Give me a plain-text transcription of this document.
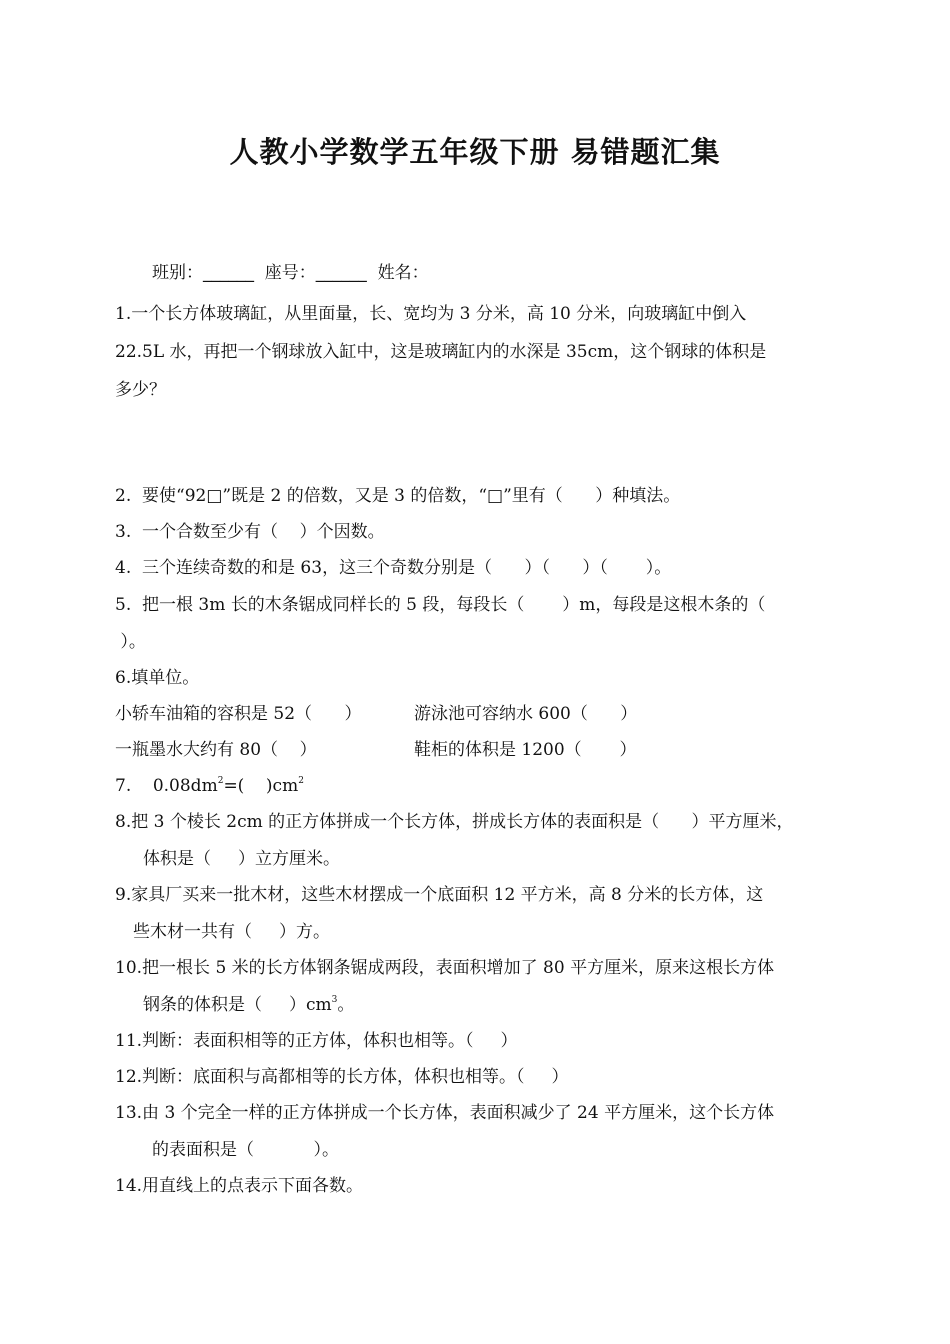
人教小学数学五年级下册 易错题汇集
班别：______  座号：______  姓名：
1.一个长方体玻璃缸，从里面量，长、宽均为 3 分米，高 10 分米，向玻璃缸中倒入
22.5L 水，再把一个钢球放入缸中，这是玻璃缸内的水深是 35cm，这个钢球的体积是
多少？
2.  要使“92□”既是 2 的倍数，又是 3 的倍数，“□”里有（      ）种填法。
3.  一个合数至少有（    ）个因数。
4.  三个连续奇数的和是 63，这三个奇数分别是（      ）（      ）（       ）。
5.  把一根 3m 长的木条锯成同样长的 5 段，每段长（       ）m，每段是这根木条的（
）。
6.填单位。
小轿车油箱的容积是 52（      ）	游泳池可容纳水 600（      ）
一瓶墨水大约有 80（    ）	鞋柜的体积是 1200（       ）
7.    $0.08dm^2=$(    )$cm^2$
8.把 3 个棱长 2cm 的正方体拼成一个长方体，拼成长方体的表面积是（      ）平方厘米，
体积是（     ）立方厘米。
9.家具厂买来一批木材，这些木材摆成一个底面积 12 平方米，高 8 分米的长方体，这
些木材一共有（     ）方。
10.把一根长 5 米的长方体钢条锯成两段，表面积增加了 80 平方厘米，原来这根长方体
钢条的体积是（     ）$cm^3$。
11.判断：表面积相等的正方体，体积也相等。（     ）
12.判断：底面积与高都相等的长方体，体积也相等。（     ）
13.由 3 个完全一样的正方体拼成一个长方体，表面积减少了 24 平方厘米，这个长方体
的表面积是（           ）。
14.用直线上的点表示下面各数。
